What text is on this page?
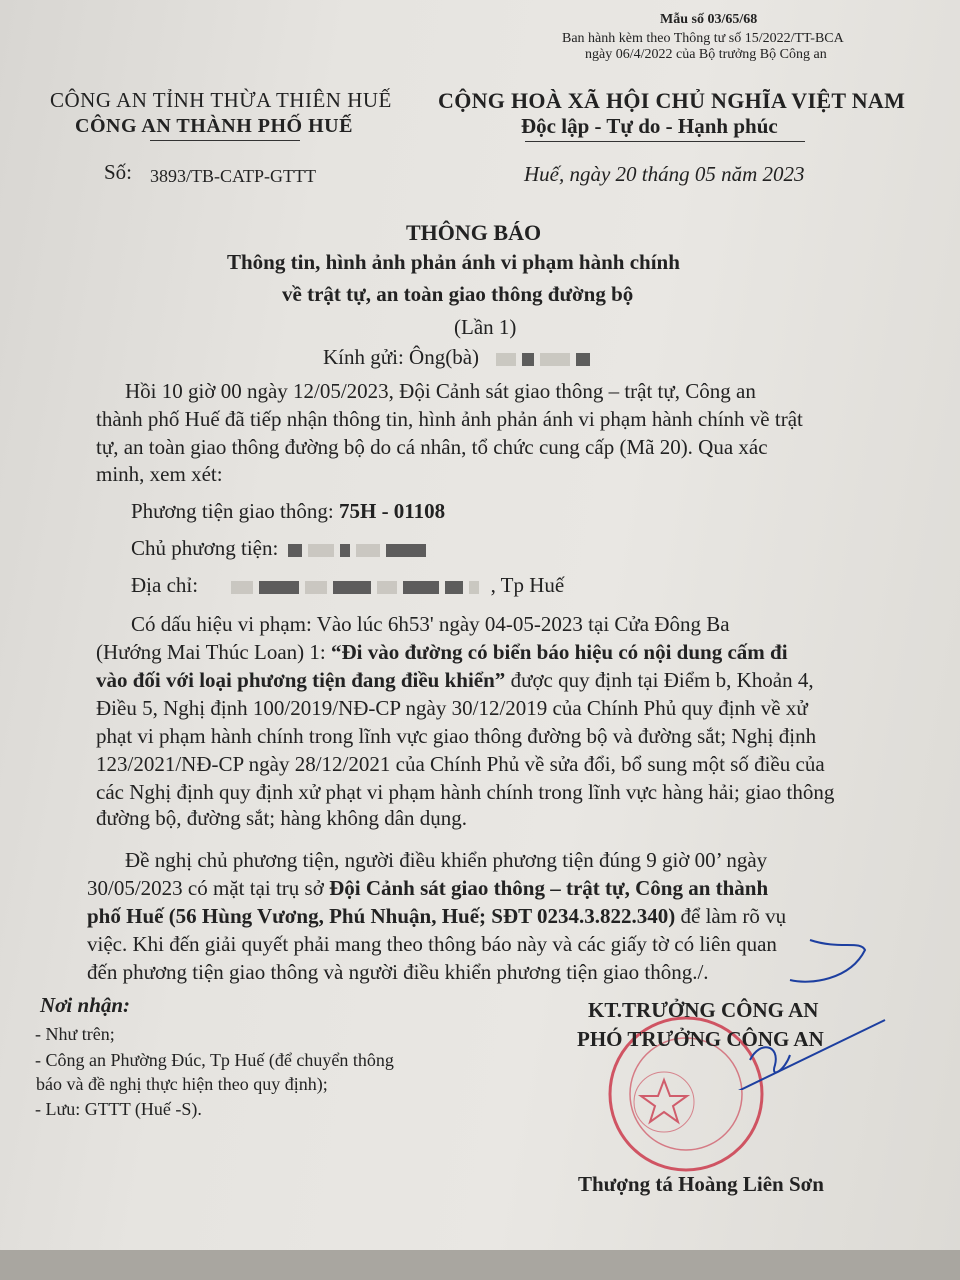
Mẫu số 03/65/68
Ban hành kèm theo Thông tư số 15/2022/TT-BCA
ngày 06/4/2022 của Bộ trưởng Bộ Công an
CÔNG AN TỈNH THỪA THIÊN HUẾ
CÔNG AN THÀNH PHỐ HUẾ
CỘNG HOÀ XÃ HỘI CHỦ NGHĨA VIỆT NAM
Độc lập - Tự do - Hạnh phúc
Số: 3893/TB-CATP-GTTT	Huế, ngày 20 tháng 05 năm 2023
THÔNG BÁO
Thông tin, hình ảnh phản ánh vi phạm hành chính
về trật tự, an toàn giao thông đường bộ
(Lần 1)
Kính gửi: Ông(bà)
Hồi 10 giờ 00 ngày 12/05/2023, Đội Cảnh sát giao thông – trật tự, Công an
thành phố Huế đã tiếp nhận thông tin, hình ảnh phản ánh vi phạm hành chính về trật
tự, an toàn giao thông đường bộ do cá nhân, tổ chức cung cấp (Mã 20). Qua xác
minh, xem xét:
Phương tiện giao thông: 75H - 01108
Chủ phương tiện:
Địa chỉ:	, Tp Huế
Có dấu hiệu vi phạm: Vào lúc 6h53' ngày 04-05-2023 tại Cửa Đông Ba
(Hướng Mai Thúc Loan) 1: “Đi vào đường có biển báo hiệu có nội dung cấm đi
vào đối với loại phương tiện đang điều khiển” được quy định tại Điểm b, Khoản 4,
Điều 5, Nghị định 100/2019/NĐ-CP ngày 30/12/2019 của Chính Phủ quy định về xử
phạt vi phạm hành chính trong lĩnh vực giao thông đường bộ và đường sắt; Nghị định
123/2021/NĐ-CP ngày 28/12/2021 của Chính Phủ về sửa đổi, bổ sung một số điều của
các Nghị định quy định xử phạt vi phạm hành chính trong lĩnh vực hàng hải; giao thông
đường bộ, đường sắt; hàng không dân dụng.
Đề nghị chủ phương tiện, người điều khiển phương tiện đúng 9 giờ 00’ ngày
30/05/2023 có mặt tại trụ sở Đội Cảnh sát giao thông – trật tự, Công an thành
phố Huế (56 Hùng Vương, Phú Nhuận, Huế; SĐT 0234.3.822.340) để làm rõ vụ
việc. Khi đến giải quyết phải mang theo thông báo này và các giấy tờ có liên quan
đến phương tiện giao thông và người điều khiển phương tiện giao thông./.
Nơi nhận:
- Như trên;
- Công an Phường Đúc, Tp Huế (để chuyển thông
báo và đề nghị thực hiện theo quy định);
- Lưu: GTTT (Huế -S).
KT.TRƯỞNG CÔNG AN
PHÓ TRƯỞNG CÔNG AN
Thượng tá Hoàng Liên Sơn
